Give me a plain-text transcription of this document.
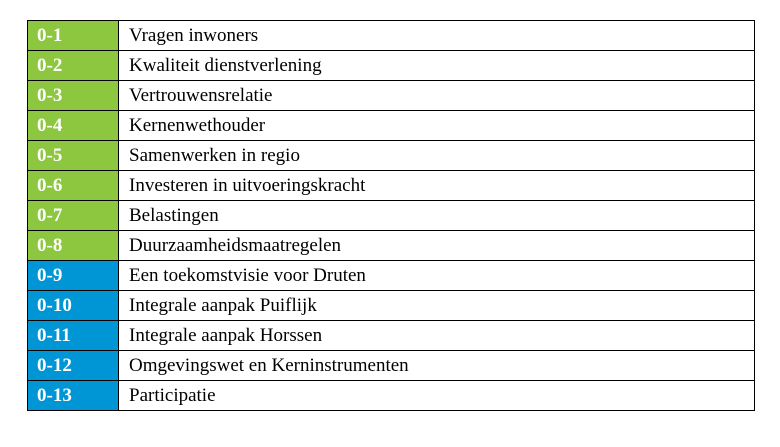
0-1	Vragen inwoners
0-2	Kwaliteit dienstverlening
0-3	Vertrouwensrelatie
0-4	Kernenwethouder
0-5	Samenwerken in regio
0-6	Investeren in uitvoeringskracht
0-7	Belastingen
0-8	Duurzaamheidsmaatregelen
0-9	Een toekomstvisie voor Druten
0-10	Integrale aanpak Puiflijk
0-11	Integrale aanpak Horssen
0-12	Omgevingswet en Kerninstrumenten
0-13	Participatie
